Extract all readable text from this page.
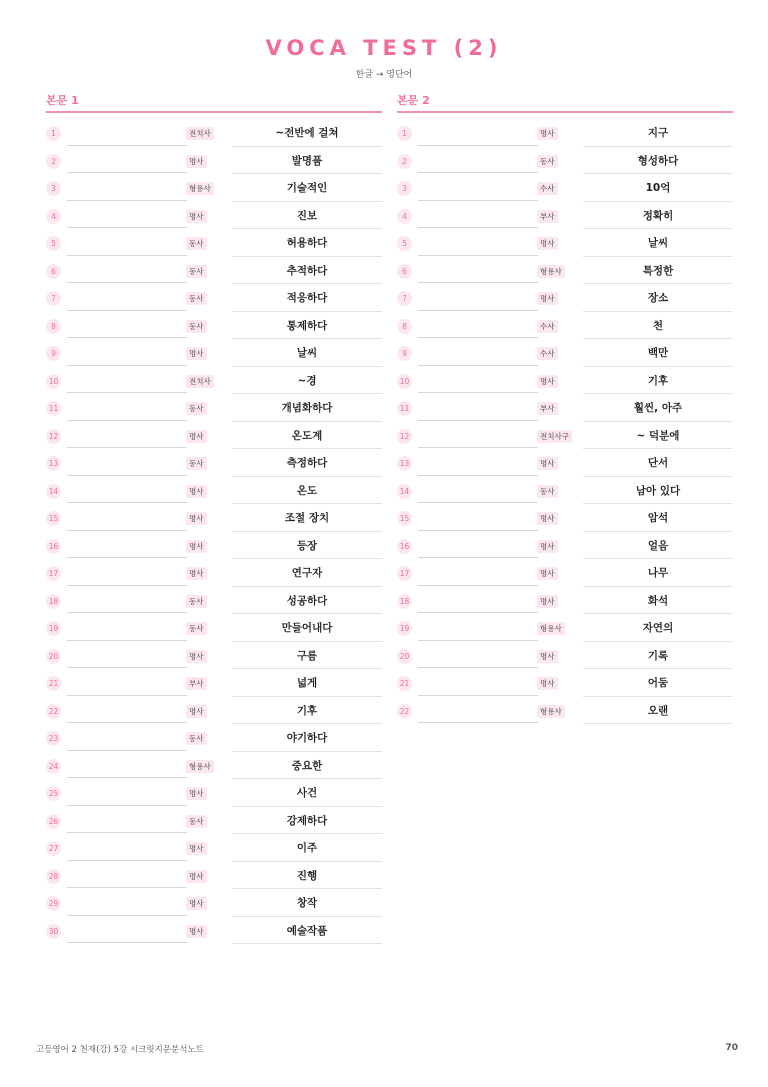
VOCA TEST (2)
한글 → 영단어
본문 1
1	전치사	~전반에 걸쳐
2	명사	발명품
3	형용사	기술적인
4	명사	진보
5	동사	허용하다
6	동사	추적하다
7	동사	적응하다
8	동사	통제하다
9	명사	날씨
10	전치사	~경
11	동사	개념화하다
12	명사	온도계
13	동사	측정하다
14	명사	온도
15	명사	조절 장치
16	명사	등장
17	명사	연구자
18	동사	성공하다
19	동사	만들어내다
20	명사	구름
21	부사	넓게
22	명사	기후
23	동사	야기하다
24	형용사	중요한
25	명사	사건
26	동사	강제하다
27	명사	이주
28	명사	진행
29	명사	창작
30	명사	예술작품
본문 2
1	명사	지구
2	동사	형성하다
3	수사	10억
4	부사	정확히
5	명사	날씨
6	형용사	특정한
7	명사	장소
8	수사	천
9	수사	백만
10	명사	기후
11	부사	훨씬, 아주
12	전치사구	~ 덕분에
13	명사	단서
14	동사	남아 있다
15	명사	암석
16	명사	얼음
17	명사	나무
18	명사	화석
19	형용사	자연의
20	명사	기록
21	명사	어둠
22	형용사	오랜
고등영어 2 천재(강) 5강 시크릿지문분석노트	70
